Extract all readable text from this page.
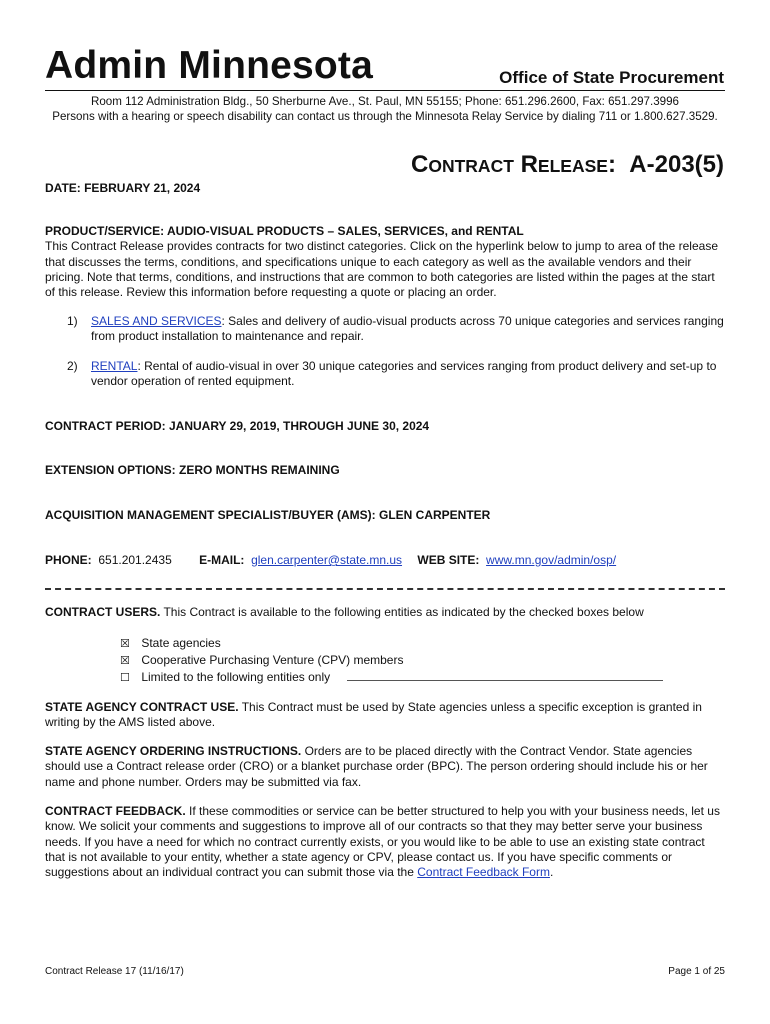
Admin Minnesota	Office of State Procurement
Room 112 Administration Bldg., 50 Sherburne Ave., St. Paul, MN 55155; Phone: 651.296.2600, Fax: 651.297.3996
Persons with a hearing or speech disability can contact us through the Minnesota Relay Service by dialing 711 or 1.800.627.3529.
CONTRACT RELEASE: A-203(5)
DATE: FEBRUARY 21, 2024

PRODUCT/SERVICE: AUDIO-VISUAL PRODUCTS – SALES, SERVICES, and RENTAL

This Contract Release provides contracts for two distinct categories. Click on the hyperlink below to jump to area of the release that discusses the terms, conditions, and specifications unique to each category as well as the available vendors and their pricing. Note that terms, conditions, and instructions that are common to both categories are listed within the pages at the start of this release. Review this information before requesting a quote or placing an order.

1) SALES AND SERVICES: Sales and delivery of audio-visual products across 70 unique categories and services ranging from product installation to maintenance and repair.
2) RENTAL: Rental of audio-visual in over 30 unique categories and services ranging from product delivery and set-up to vendor operation of rented equipment.
CONTRACT PERIOD: JANUARY 29, 2019, THROUGH JUNE 30, 2024
EXTENSION OPTIONS: ZERO MONTHS REMAINING
ACQUISITION MANAGEMENT SPECIALIST/BUYER (AMS): GLEN CARPENTER
PHONE: 651.201.2435 E-MAIL: glen.carpenter@state.mn.us WEB SITE: www.mn.gov/admin/osp/

CONTRACT USERS. This Contract is available to the following entities as indicated by the checked boxes below

☒ State agencies
☒ Cooperative Purchasing Venture (CPV) members
☐ Limited to the following entities only

STATE AGENCY CONTRACT USE. This Contract must be used by State agencies unless a specific exception is granted in writing by the AMS listed above.

STATE AGENCY ORDERING INSTRUCTIONS. Orders are to be placed directly with the Contract Vendor. State agencies should use a Contract release order (CRO) or a blanket purchase order (BPC). The person ordering should include his or her name and phone number. Orders may be submitted via fax.

CONTRACT FEEDBACK. If these commodities or service can be better structured to help you with your business needs, let us know. We solicit your comments and suggestions to improve all of our contracts so that they may better serve your business needs. If you have a need for which no contract currently exists, or you would like to be able to use an existing state contract that is not available to your entity, whether a state agency or CPV, please contact us. If you have specific comments or suggestions about an individual contract you can submit those via the Contract Feedback Form.

Contract Release 17 (11/16/17)	Page 1 of 25
